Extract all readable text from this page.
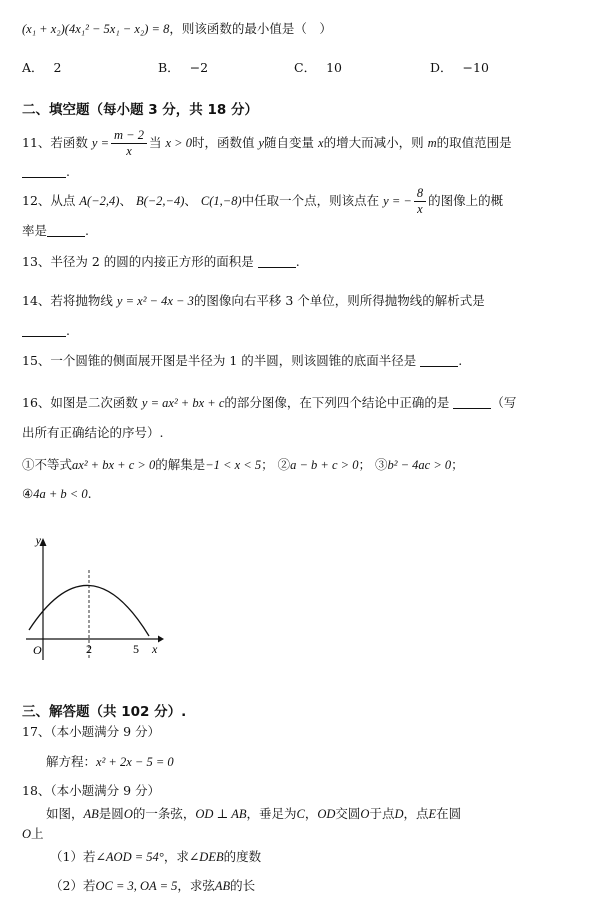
(x₁ + x₂)(4x₁² − 5x₁ − x₂) = 8，则该函数的最小值是（　）
A． 2	B． −2	C． 10	D． −10
二、填空题（每小题 3 分，共 18 分）
11、若函数 $y = \frac{m - 2}{x}$ 当 x > 0时，函数值 y随自变量 x的增大而减小，则 m的取值范围是
.
12、从点 A(−2,4)、 B(−2,−4)、 C(1,−8)中任取一个点，则该点在 y = − $\frac{8}{x}$ 的图像上的概
率是	.
13、半径为 2 的圆的内接正方形的面积是	.
14、若将抛物线 y = x² − 4x − 3的图像向右平移 3 个单位，则所得抛物线的解析式是
.
15、一个圆锥的侧面展开图是半径为 1 的半圆，则该圆锥的底面半径是	.
16、如图是二次函数 y = ax² + bx + c的部分图像，在下列四个结论中正确的是	（写
出所有正确结论的序号）.
①不等式ax² + bx + c > 0的解集是−1 < x < 5； ②a − b + c > 0； ③b² − 4ac > 0；
④4a + b < 0.
y
x
O	2	5
三、解答题（共 102 分）.
17、（本小题满分 9 分）
解方程：x² + 2x − 5 = 0
18、（本小题满分 9 分）
如图，AB是圆O的一条弦，OD ⊥ AB，垂足为C，OD交圆O于点D，点E在圆
O上
（1）若∠AOD = 54°，求∠DEB的度数
（2）若OC = 3, OA = 5，求弦AB的长
